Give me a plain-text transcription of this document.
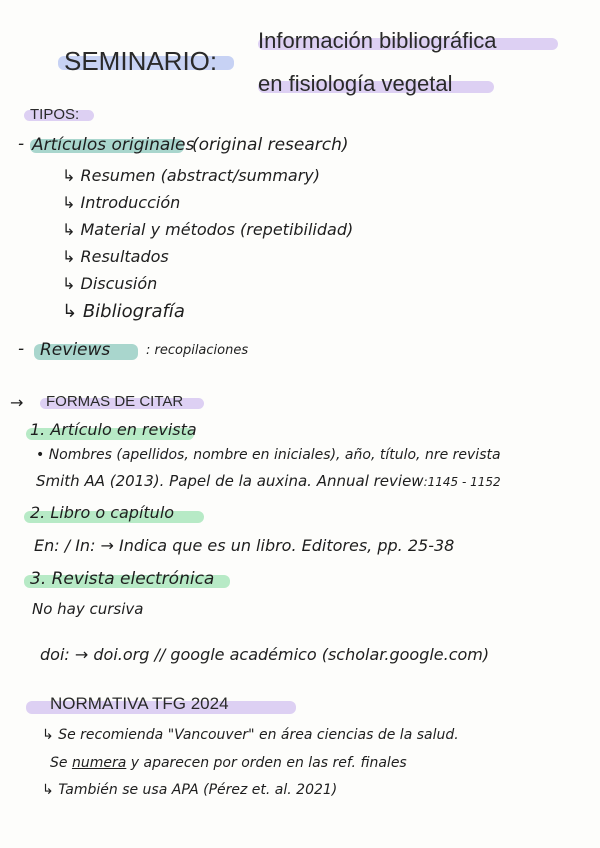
SEMINARIO:
Información bibliográfica
en fisiología vegetal
TIPOS:
- Artículos originales
(original research)
↳ Resumen (abstract/summary)
↳ Introducción
↳ Material y métodos (repetibilidad)
↳ Resultados
↳ Discusión
↳ Bibliografía
- Reviews	: recopilaciones
→ FORMAS DE CITAR
1. Artículo en revista
• Nombres (apellidos, nombre en iniciales), año, título, nre revista
Smith AA (2013). Papel de la auxina. Annual review:1145 - 1152
2. Libro o capítulo
En: / In: → Indica que es un libro. Editores, pp. 25-38
3. Revista electrónica
No hay cursiva
doi: → doi.org // google académico (scholar.google.com)
NORMATIVA TFG 2024
↳ Se recomienda "Vancouver" en área ciencias de la salud.
Se numera y aparecen por orden en las ref. finales
↳ También se usa APA (Pérez et. al. 2021)
